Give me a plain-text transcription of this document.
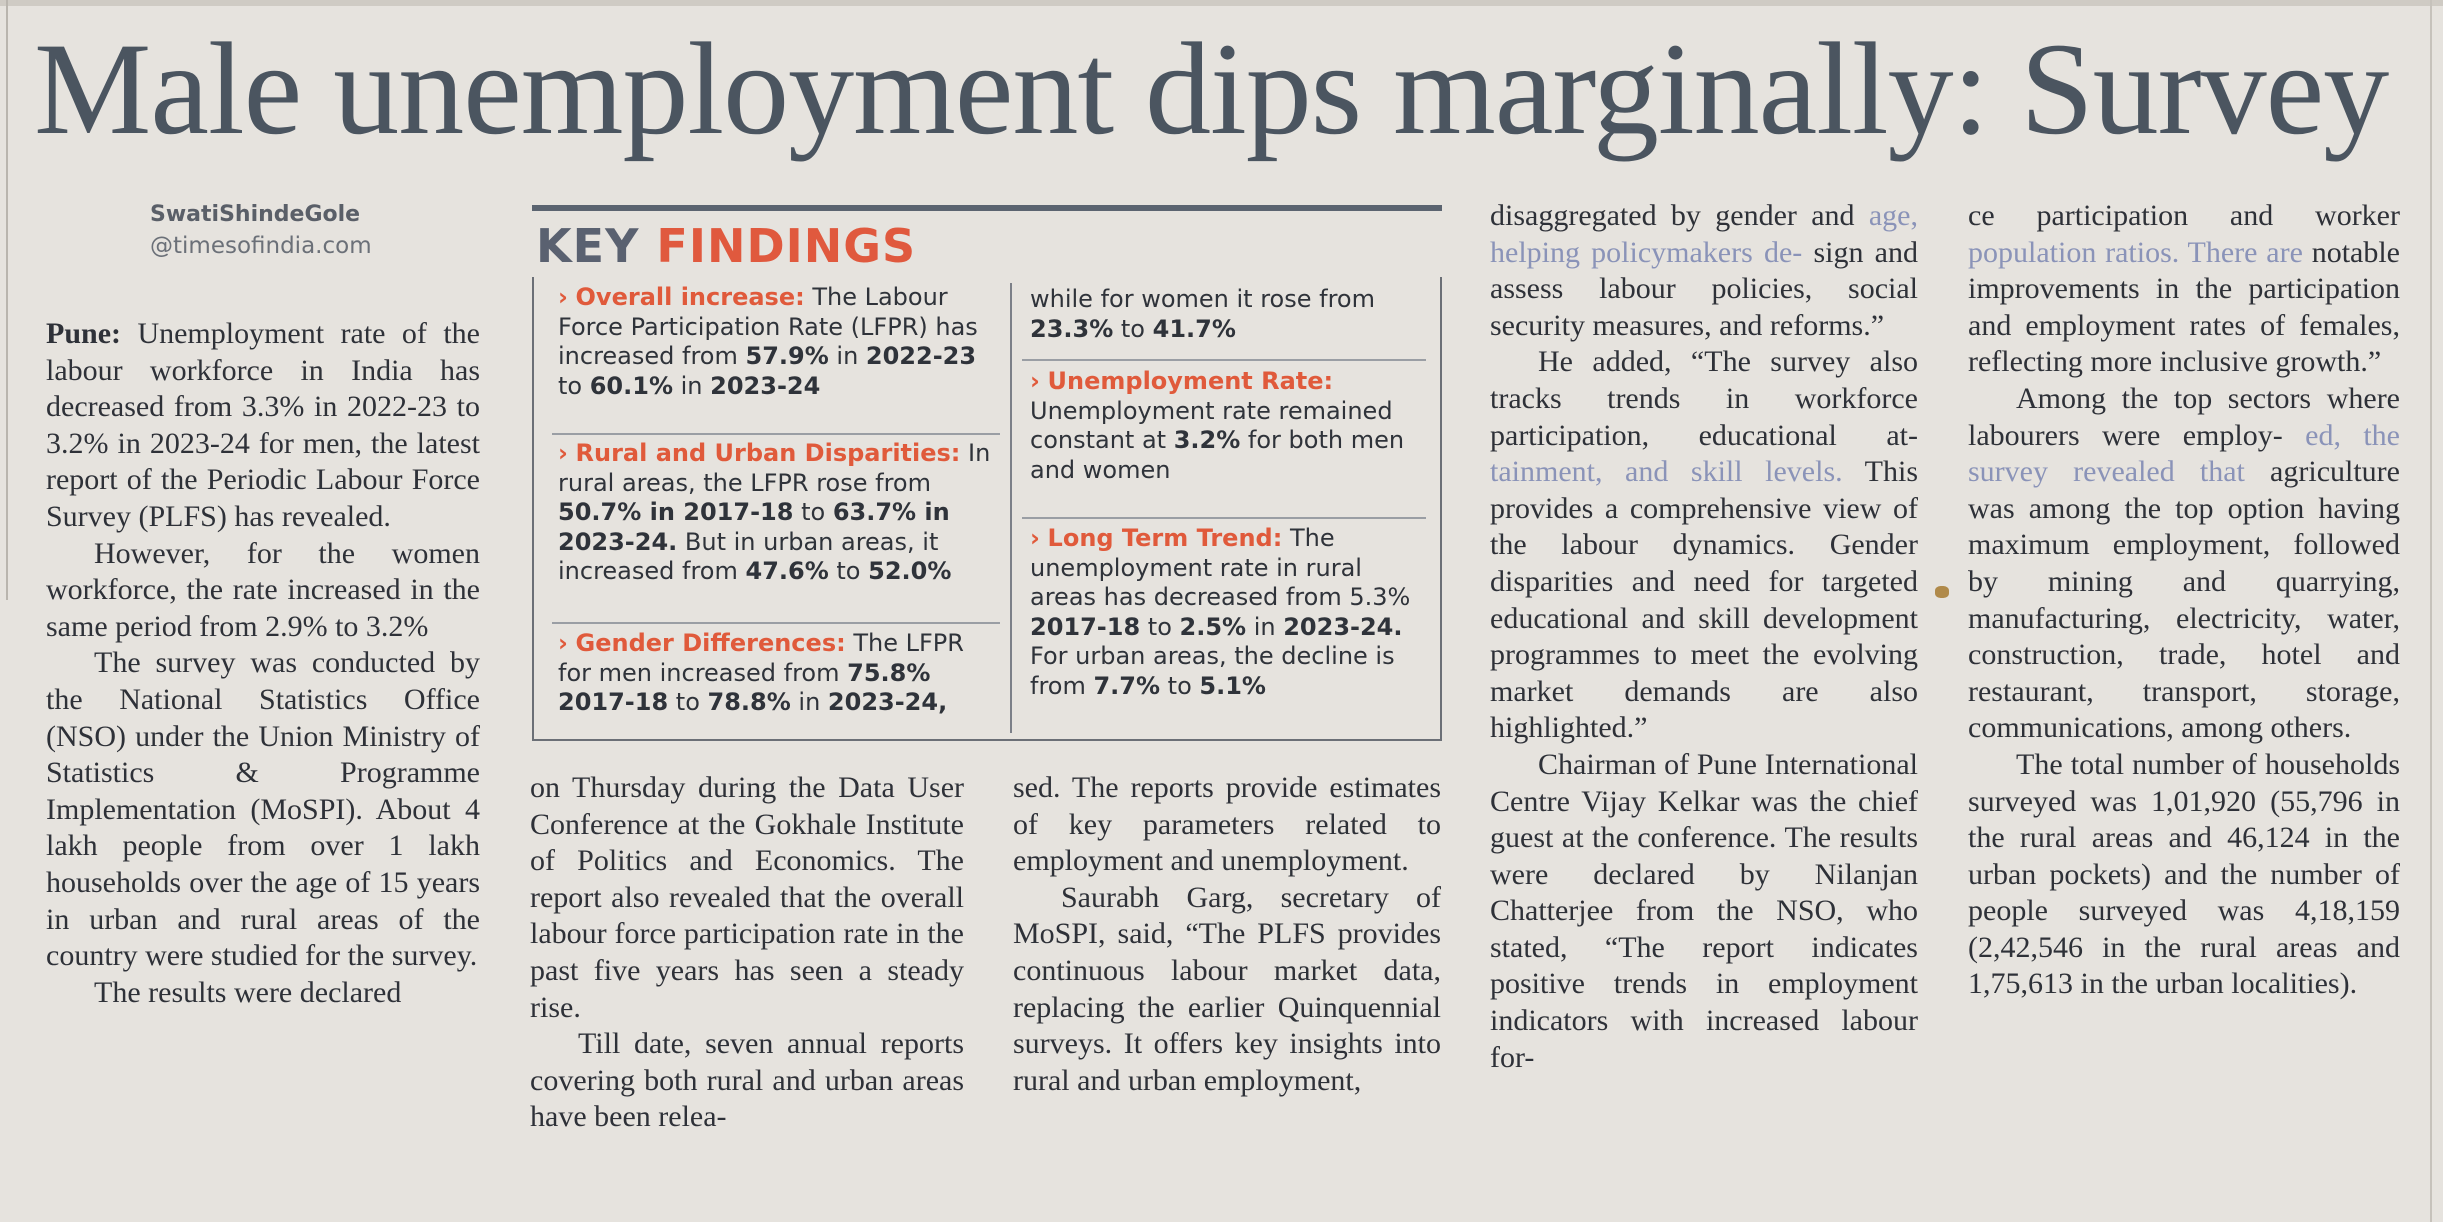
Male unemployment dips marginally: Survey
SwatiShindeGole
@timesofindia.com

Pune: Unemployment rate of the labour workforce in India has decreased from 3.3% in 2022-23 to 3.2% in 2023-24 for men, the latest report of the Periodic Labour Force Survey (PLFS) has revealed.

However, for the women workforce, the rate increased in the same period from 2.9% to 3.2%

The survey was conducted by the National Statistics Office (NSO) under the Union Ministry of Statistics & Programme Implementation (MoSPI). About 4 lakh people from over 1 lakh households over the age of 15 years in urban and rural areas of the country were studied for the survey.

The results were declared

KEY FINDINGS
› Overall increase: The Labour Force Participation Rate (LFPR) has increased from 57.9% in 2022-23 to 60.1% in 2023-24
› Rural and Urban Disparities: In rural areas, the LFPR rose from 50.7% in 2017-18 to 63.7% in 2023-24. But in urban areas, it increased from 47.6% to 52.0%
› Gender Differences: The LFPR for men increased from 75.8% 2017-18 to 78.8% in 2023-24,
while for women it rose from 23.3% to 41.7%
› Unemployment Rate:
Unemployment rate remained constant at 3.2% for both men and women
› Long Term Trend: The unemployment rate in rural areas has decreased from 5.3% 2017-18 to 2.5% in 2023-24. For urban areas, the decline is from 7.7% to 5.1%

on Thursday during the Data User Conference at the Gokhale Institute of Politics and Economics. The report also revealed that the overall labour force participation rate in the past five years has seen a steady rise.

Till date, seven annual reports covering both rural and urban areas have been relea-

sed. The reports provide estimates of key parameters related to employment and unemployment.

Saurabh Garg, secretary of MoSPI, said, “The PLFS provides continuous labour market data, replacing the earlier Quinquennial surveys. It offers key insights into rural and urban employment,

disaggregated by gender and age, helping policymakers de- sign and assess labour policies, social security measures, and reforms.”

He added, “The survey also tracks trends in workforce participation, educational at- tainment, and skill levels. This provides a comprehensive view of the labour dynamics. Gender disparities and need for targeted educational and skill development programmes to meet the evolving market demands are also highlighted.”

Chairman of Pune International Centre Vijay Kelkar was the chief guest at the conference. The results were declared by Nilanjan Chatterjee from the NSO, who stated, “The report indicates positive trends in employment indicators with increased labour for-

ce participation and worker population ratios. There are notable improvements in the participation and employment rates of females, reflecting more inclusive growth.”

Among the top sectors where labourers were employ- ed, the survey revealed that agriculture was among the top option having maximum employment, followed by mining and quarrying, manufacturing, electricity, water, construction, trade, hotel and restaurant, transport, storage, communications, among others.

The total number of households surveyed was 1,01,920 (55,796 in the rural areas and 46,124 in the urban pockets) and the number of people surveyed was 4,18,159 (2,42,546 in the rural areas and 1,75,613 in the urban localities).
